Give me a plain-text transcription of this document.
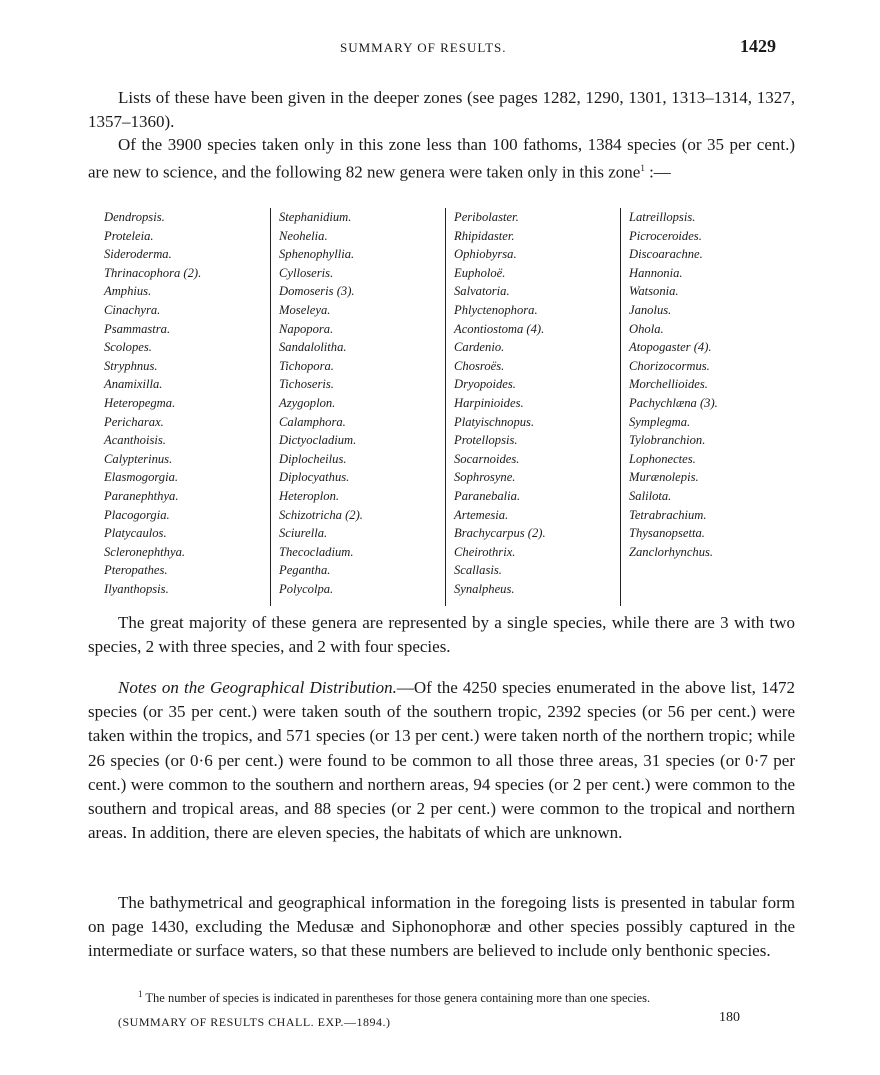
SUMMARY OF RESULTS.	1429

Lists of these have been given in the deeper zones (see pages 1282, 1290, 1301, 1313–1314, 1327, 1357–1360).

Of the 3900 species taken only in this zone less than 100 fathoms, 1384 species (or 35 per cent.) are new to science, and the following 82 new genera were taken only in this zone$^1$ :—

Dendropsis.
Proteleia.
Sideroderma.
Thrinacophora (2).
Amphius.
Cinachyra.
Psammastra.
Scolopes.
Stryphnus.
Anamixilla.
Heteropegma.
Pericharax.
Acanthoisis.
Calypterinus.
Elasmogorgia.
Paranephthya.
Placogorgia.
Platycaulos.
Scleronephthya.
Pteropathes.
Ilyanthopsis.
Stephanidium.
Neohelia.
Sphenophyllia.
Cylloseris.
Domoseris (3).
Moseleya.
Napopora.
Sandalolitha.
Tichopora.
Tichoseris.
Azygoplon.
Calamphora.
Dictyocladium.
Diplocheilus.
Diplocyathus.
Heteroplon.
Schizotricha (2).
Sciurella.
Thecocladium.
Pegantha.
Polycolpa.
Peribolaster.
Rhipidaster.
Ophiobyrsa.
Eupholoë.
Salvatoria.
Phlyctenophora.
Acontiostoma (4).
Cardenio.
Chosroës.
Dryopoides.
Harpinioides.
Platyischnopus.
Protellopsis.
Socarnoides.
Sophrosyne.
Paranebalia.
Artemesia.
Brachycarpus (2).
Cheirothrix.
Scallasis.
Synalpheus.
Latreillopsis.
Picroceroides.
Discoarachne.
Hannonia.
Watsonia.
Janolus.
Ohola.
Atopogaster (4).
Chorizocormus.
Morchellioides.
Pachychlæna (3).
Symplegma.
Tylobranchion.
Lophonectes.
Murænolepis.
Salilota.
Tetrabrachium.
Thysanopsetta.
Zanclorhynchus.

The great majority of these genera are represented by a single species, while there are 3 with two species, 2 with three species, and 2 with four species.

Notes on the Geographical Distribution.—Of the 4250 species enumerated in the above list, 1472 species (or 35 per cent.) were taken south of the southern tropic, 2392 species (or 56 per cent.) were taken within the tropics, and 571 species (or 13 per cent.) were taken north of the northern tropic; while 26 species (or 0·6 per cent.) were found to be common to all those three areas, 31 species (or 0·7 per cent.) were common to the southern and northern areas, 94 species (or 2 per cent.) were common to the southern and tropical areas, and 88 species (or 2 per cent.) were common to the tropical and northern areas. In addition, there are eleven species, the habitats of which are unknown.

The bathymetrical and geographical information in the foregoing lists is presented in tabular form on page 1430, excluding the Medusæ and Siphonophoræ and other species possibly captured in the intermediate or surface waters, so that these numbers are believed to include only benthonic species.

$^1$ The number of species is indicated in parentheses for those genera containing more than one species.
(SUMMARY OF RESULTS CHALL. EXP.—1894.)	180
